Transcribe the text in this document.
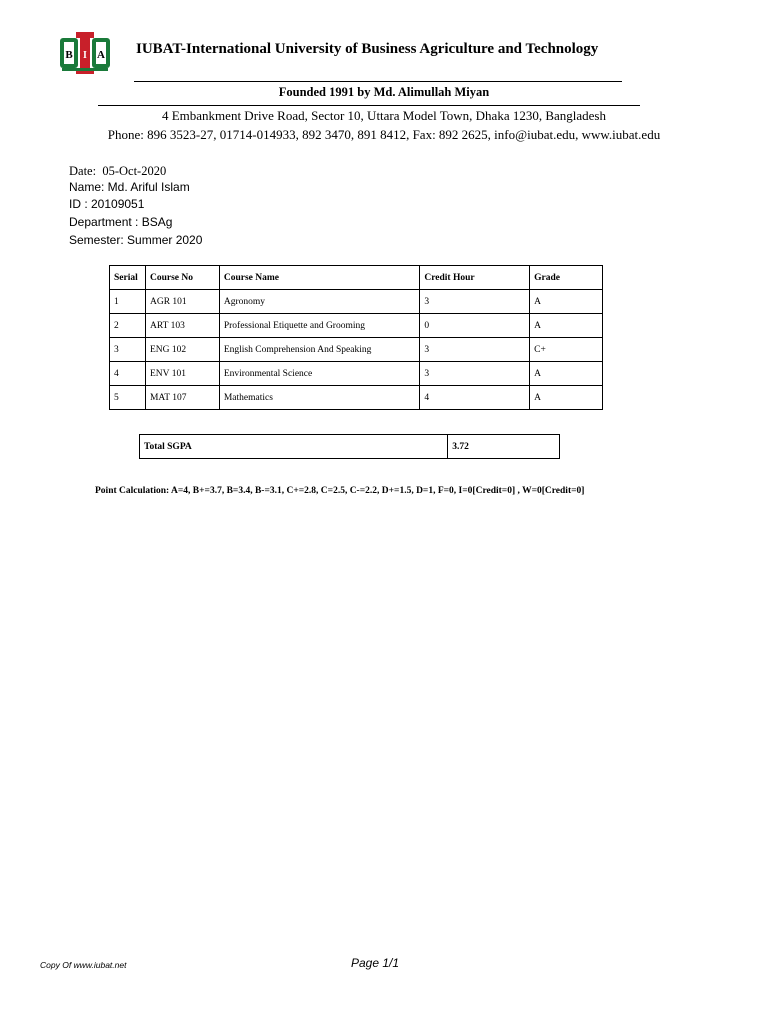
B I A IUBAT-International University of Business Agriculture and Technology
Founded 1991 by Md. Alimullah Miyan
4 Embankment Drive Road, Sector 10, Uttara Model Town, Dhaka 1230, Bangladesh
Phone: 896 3523-27, 01714-014933, 892 3470, 891 8412, Fax: 892 2625, info@iubat.edu, www.iubat.edu
Date: 05-Oct-2020
Name: Md. Ariful Islam
ID : 20109051
Department : BSAg
Semester: Summer 2020
Serial	Course No	Course Name	Credit Hour	Grade
1	AGR 101	Agronomy	3	A
2	ART 103	Professional Etiquette and Grooming	0	A
3	ENG 102	English Comprehension And Speaking	3	C+
4	ENV 101	Environmental Science	3	A
5	MAT 107	Mathematics	4	A
Total SGPA	3.72
Point Calculation: A=4, B+=3.7, B=3.4, B-=3.1, C+=2.8, C=2.5, C-=2.2, D+=1.5, D=1, F=0, I=0[Credit=0] , W=0[Credit=0]
Copy Of www.iubat.net	Page 1/1
